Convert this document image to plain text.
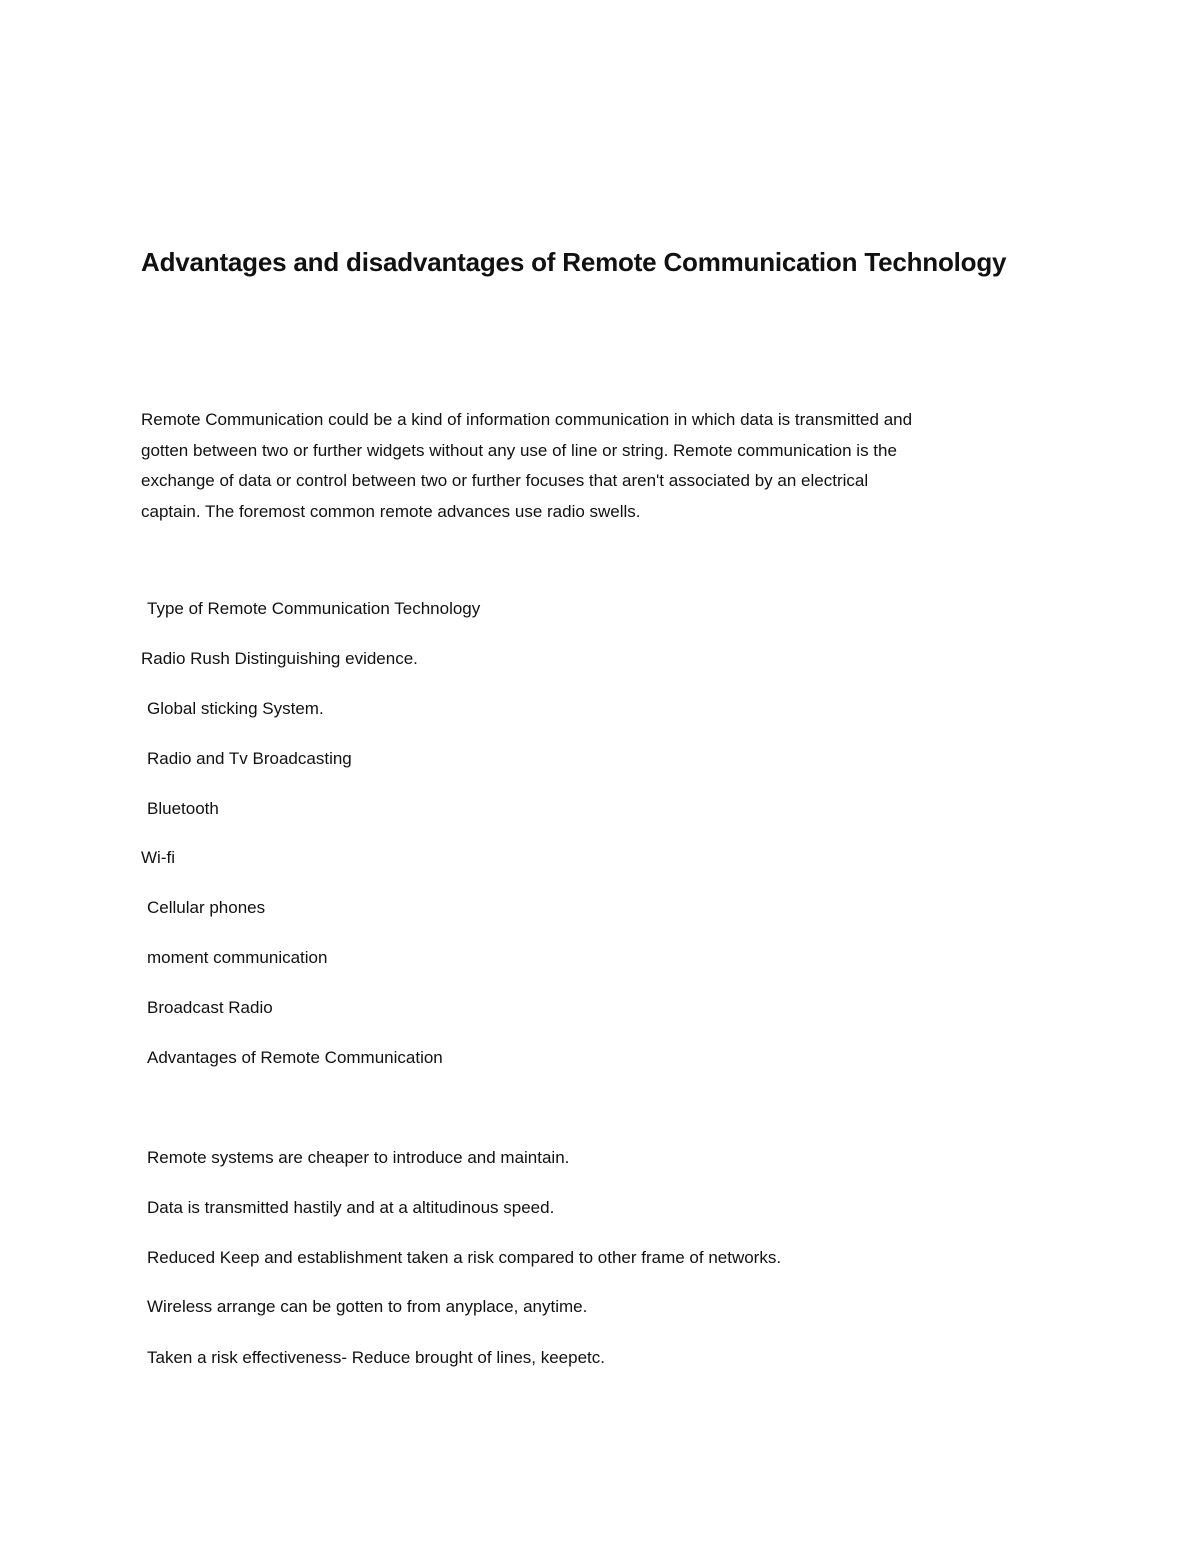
Advantages and disadvantages of Remote Communication Technology

Remote Communication could be a kind of information communication in which data is transmitted and
gotten between two or further widgets without any use of line or string. Remote communication is the
exchange of data or control between two or further focuses that aren't associated by an electrical
captain. The foremost common remote advances use radio swells.

Type of Remote Communication Technology

Radio Rush Distinguishing evidence.

Global sticking System.

Radio and Tv Broadcasting

Bluetooth

Wi-fi

Cellular phones

moment communication

Broadcast Radio

Advantages of Remote Communication

Remote systems are cheaper to introduce and maintain.

Data is transmitted hastily and at a altitudinous speed.

Reduced Keep and establishment taken a risk compared to other frame of networks.

Wireless arrange can be gotten to from anyplace, anytime.

Taken a risk effectiveness- Reduce brought of lines, keepetc.
